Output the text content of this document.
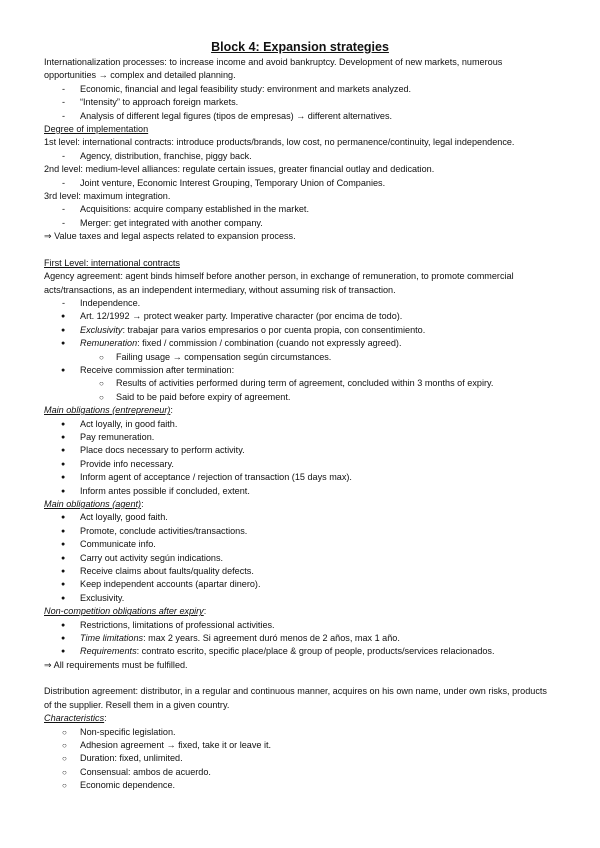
Block 4: Expansion strategies

Internationalization processes: to increase income and avoid bankruptcy. Development of new markets, numerous opportunities → complex and detailed planning.

- Economic, financial and legal feasibility study: environment and markets analyzed.
- “Intensity” to approach foreign markets.
- Analysis of different legal figures (tipos de empresas) → different alternatives.

Degree of implementation

1st level: international contracts: introduce products/brands, low cost, no permanence/continuity, legal independence.

- Agency, distribution, franchise, piggy back.

2nd level: medium-level alliances: regulate certain issues, greater financial outlay and dedication.

- Joint venture, Economic Interest Grouping, Temporary Union of Companies.

3rd level: maximum integration.

- Acquisitions: acquire company established in the market.
- Merger: get integrated with another company.

⇒ Value taxes and legal aspects related to expansion process.

First Level: international contracts

Agency agreement: agent binds himself before another person, in exchange of remuneration, to promote commercial acts/transactions, as an independent intermediary, without assuming risk of transaction.

- Independence.
● Art. 12/1992 → protect weaker party. Imperative character (por encima de todo).
● Exclusivity: trabajar para varios empresarios o por cuenta propia, con consentimiento.
● Remuneration: fixed / commission / combination (cuando not expressly agreed).
○ Failing usage → compensation según circumstances.
● Receive commission after termination:
○ Results of activities performed during term of agreement, concluded within 3 months of expiry.
○ Said to be paid before expiry of agreement.

Main obligations (entrepreneur):

● Act loyally, in good faith.
● Pay remuneration.
● Place docs necessary to perform activity.
● Provide info necessary.
● Inform agent of acceptance / rejection of transaction (15 days max).
● Inform antes possible if concluded, extent.

Main obligations (agent):

● Act loyally, good faith.
● Promote, conclude activities/transactions.
● Communicate info.
● Carry out activity según indications.
● Receive claims about faults/quality defects.
● Keep independent accounts (apartar dinero).
● Exclusivity.

Non-competition obligations after expiry:

● Restrictions, limitations of professional activities.
● Time limitations: max 2 years. Si agreement duró menos de 2 años, max 1 año.
● Requirements: contrato escrito, specific place/place & group of people, products/services relacionados.

⇒ All requirements must be fulfilled.

Distribution agreement: distributor, in a regular and continuous manner, acquires on his own name, under own risks, products of the supplier. Resell them in a given country.

Characteristics:

○ Non-specific legislation.
○ Adhesion agreement → fixed, take it or leave it.
○ Duration: fixed, unlimited.
○ Consensual: ambos de acuerdo.
○ Economic dependence.
